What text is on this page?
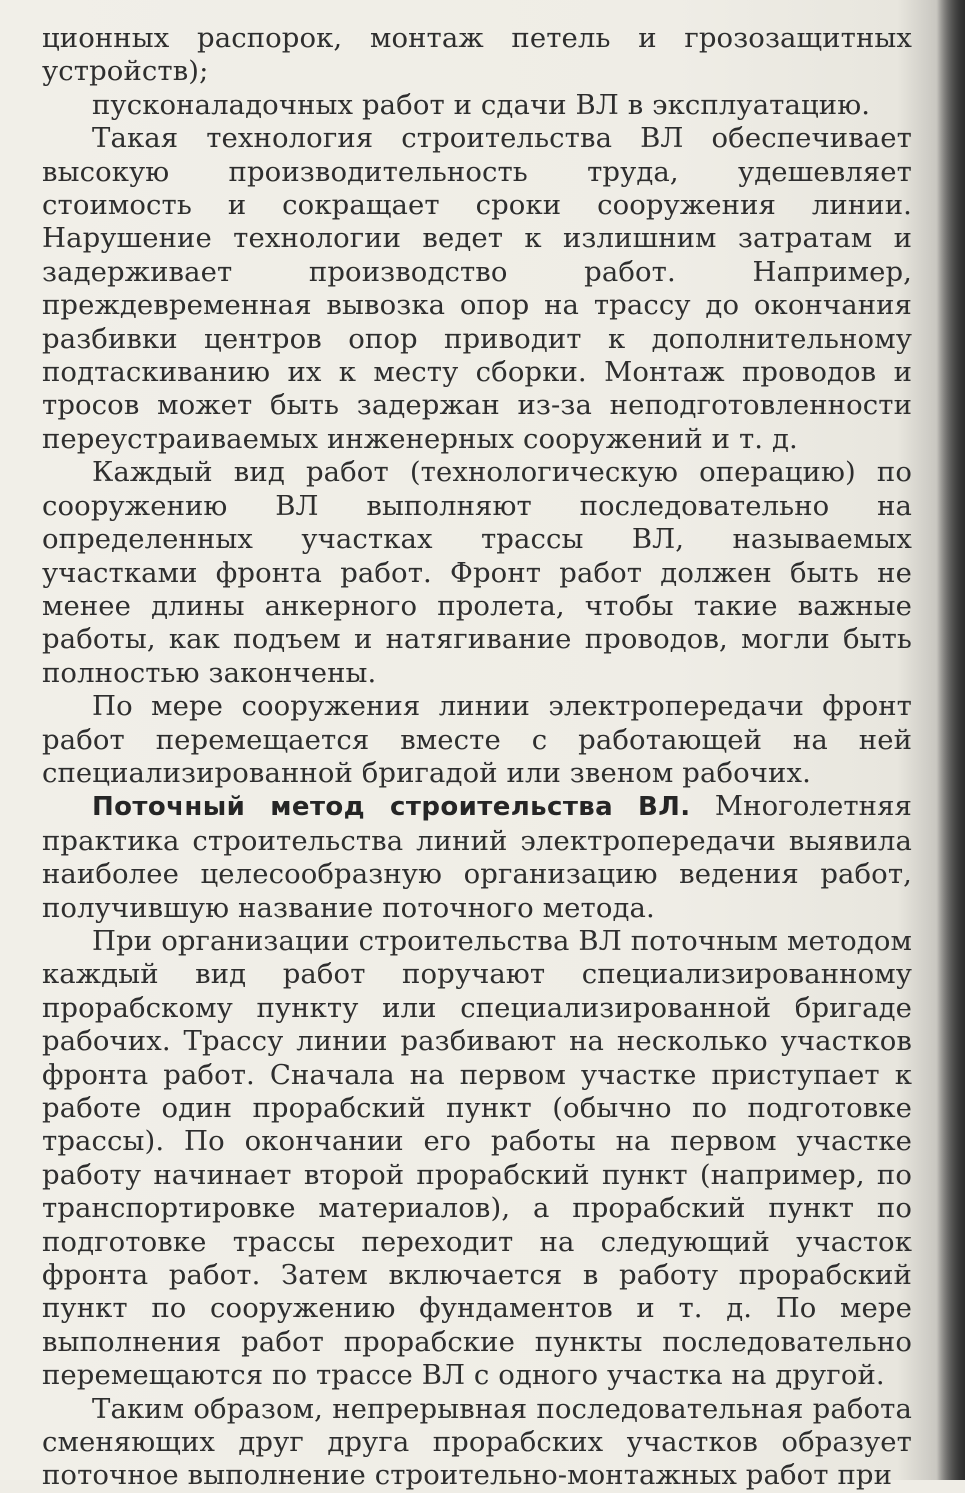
ционных распорок, монтаж петель и грозозащитных устройств);

пусконаладочных работ и сдачи ВЛ в эксплуатацию.

Такая технология строительства ВЛ обеспечивает высокую производительность труда, удешевляет стоимость и сокращает сроки сооружения линии. Нарушение технологии ведет к излишним затратам и задерживает производство работ. Например, преждевременная вывозка опор на трассу до окончания разбивки центров опор приводит к дополнительному подтаскиванию их к месту сборки. Монтаж проводов и тросов может быть задержан из-за неподготовленности переустраиваемых инженерных сооружений и т. д.

Каждый вид работ (технологическую операцию) по сооружению ВЛ выполняют последовательно на определенных участках трассы ВЛ, называемых участками фронта работ. Фронт работ должен быть не менее длины анкерного пролета, чтобы такие важные работы, как подъем и натягивание проводов, могли быть полностью закончены.

По мере сооружения линии электропередачи фронт работ перемещается вместе с работающей на ней специализированной бригадой или звеном рабочих.

Поточный метод строительства ВЛ. Многолетняя практика строительства линий электропередачи выявила наиболее целесообразную организацию ведения работ, получившую название поточного метода.

При организации строительства ВЛ поточным методом каждый вид работ поручают специализированному прорабскому пункту или специализированной бригаде рабочих. Трассу линии разбивают на несколько участков фронта работ. Сначала на первом участке приступает к работе один прорабский пункт (обычно по подготовке трассы). По окончании его работы на первом участке работу начинает второй прорабский пункт (например, по транспортировке материалов), а прорабский пункт по подготовке трассы переходит на следующий участок фронта работ. Затем включается в работу прорабский пункт по сооружению фундаментов и т. д. По мере выполнения работ прорабские пункты последовательно перемещаются по трассе ВЛ с одного участка на другой.

Таким образом, непрерывная последовательная работа сменяющих друг друга прорабских участков образует поточное выполнение строительно-монтажных работ при
